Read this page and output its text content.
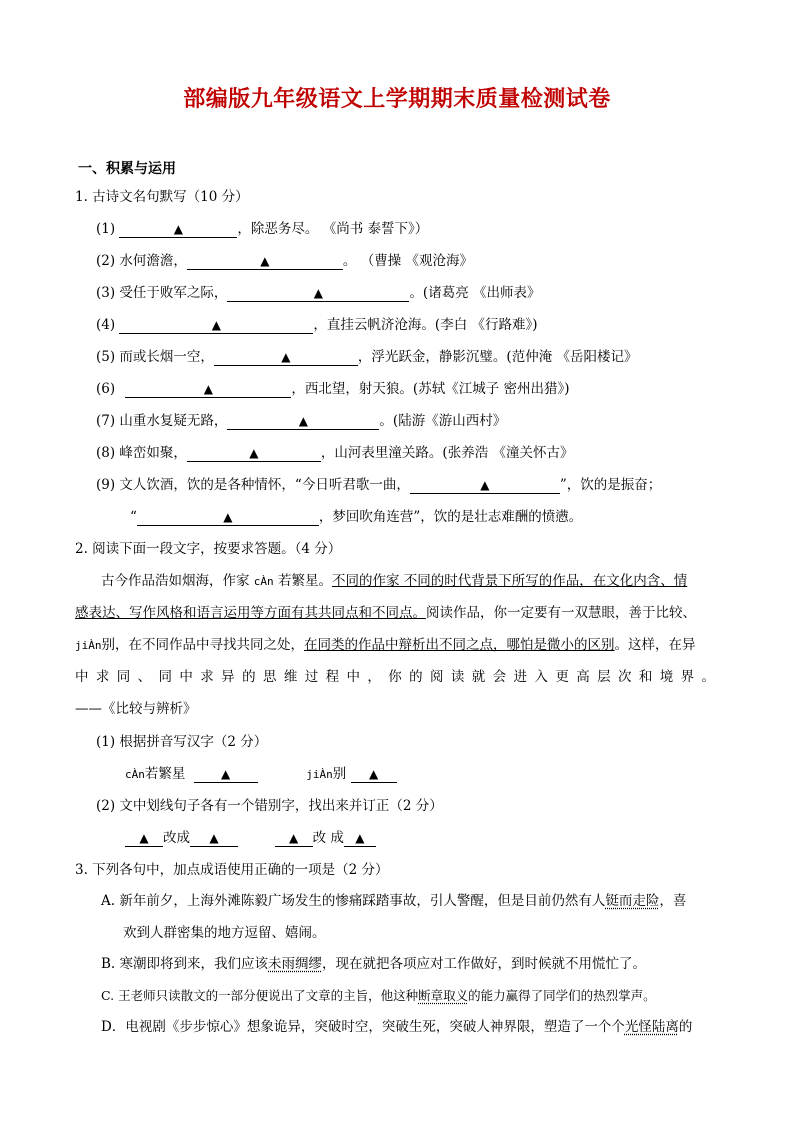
部编版九年级语文上学期期末质量检测试卷
一、积累与运用
1. 古诗文名句默写（10 分）
(1)	▲	，除恶务尽。 《尚书 泰誓下》）
(2) 水何澹澹，	▲	。 （曹操 《观沧海》
(3) 受任于败军之际，	▲	。(诸葛亮 《出师表》
(4)	▲	，直挂云帆济沧海。(李白 《行路难》)
(5) 而或长烟一空，	▲	，浮光跃金，静影沉璧。(范仲淹 《岳阳楼记》
(6)	▲	，西北望，射天狼。(苏轼《江城子 密州出猎》)
(7) 山重水复疑无路，	▲	。(陆游《游山西村》
(8) 峰峦如聚，	▲	，山河表里潼关路。(张养浩 《潼关怀古》
(9) 文人饮酒，饮的是各种情怀，“今日听君歌一曲，	▲	”，饮的是振奋；
“	▲	，梦回吹角连营”，饮的是壮志难酬的愤懑。
2. 阅读下面一段文字，按要求答题。（4 分）
古今作品浩如烟海，作家 cÀn 若繁星。不同的作家 不同的时代背景下所写的作品，在文化内含、情
感表达、写作风格和语言运用等方面有其共同点和不同点。阅读作品，你一定要有一双慧眼，善于比较、
jiÀn别，在不同作品中寻找共同之处，在同类的作品中辩析出不同之点，哪怕是微小的区别。这样，在异
中求同、同中求异的思维过程中，你的阅读就会进入更高层次和境界。
——《比较与辨析》
(1) 根据拼音写汉字（2 分）
cÀn若繁星	▲	jiÀn别 ▲
(2) 文中划线句子各有一个错别字，找出来并订正（2 分）
▲ 改成 ▲	▲ 改 成 ▲
3. 下列各句中，加点成语使用正确的一项是（2 分）
A. 新年前夕，上海外滩陈毅广场发生的惨痛踩踏事故，引人警醒，但是目前仍然有人铤而走险，喜
欢到人群密集的地方逗留、嬉闹。
B. 寒潮即将到来，我们应该未雨绸缪，现在就把各项应对工作做好，到时候就不用慌忙了。
C. 王老师只读散文的一部分便说出了文章的主旨，他这种断章取义的能力赢得了同学们的热烈掌声。
D．电视剧《步步惊心》想象诡异，突破时空，突破生死，突破人神界限，塑造了一个个光怪陆离的
